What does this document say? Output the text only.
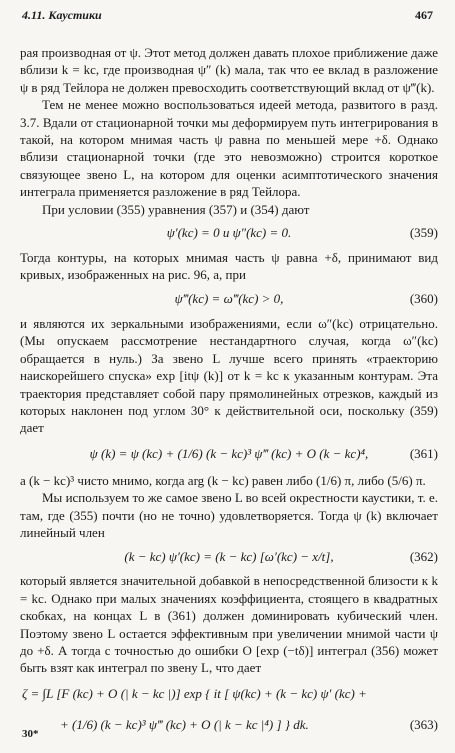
4.11. Каустики	467

рая производная от ψ. Этот метод должен давать плохое приближение даже вблизи k = kc, где производная ψ″ (k) мала, так что ее вклад в разложение ψ в ряд Тейлора не должен превосходить соответствующий вклад от ψ‴(k).

Тем не менее можно воспользоваться идеей метода, развитого в разд. 3.7. Вдали от стационарной точки мы деформируем путь интегрирования в такой, на котором мнимая часть ψ равна по меньшей мере +δ. Однако вблизи стационарной точки (где это невозможно) строится короткое связующее звено L, на котором для оценки асимптотического значения интеграла применяется разложение в ряд Тейлора.

При условии (355) уравнения (357) и (354) дают

ψ′(kc) = 0 и ψ″(kc) = 0.	(359)

Тогда контуры, на которых мнимая часть ψ равна +δ, принимают вид кривых, изображенных на рис. 96, а, при

ψ‴(kc) = ω‴(kc) > 0,	(360)

и являются их зеркальными изображениями, если ω″(kc) отрицательно. (Мы опускаем рассмотрение нестандартного случая, когда ω″(kc) обращается в нуль.) За звено L лучше всего принять «траекторию наискорейшего спуска» exp [itψ (k)] от k = kc к указанным контурам. Эта траектория представляет собой пару прямолинейных отрезков, каждый из которых наклонен под углом 30° к действительной оси, поскольку (359) дает

ψ (k) = ψ (kc) + (1/6) (k − kc)³ ψ‴ (kc) + O (k − kc)⁴,	(361)

а (k − kc)³ чисто мнимо, когда arg (k − kc) равен либо (1/6) π, либо (5/6) π.

Мы используем то же самое звено L во всей окрестности каустики, т. е. там, где (355) почти (но не точно) удовлетворяется. Тогда ψ (k) включает линейный член

(k − kc) ψ′(kc) = (k − kc) [ω′(kc) − x/t],	(362)

который является значительной добавкой в непосредственной близости к k = kc. Однако при малых значениях коэффициента, стоящего в квадратных скобках, на концах L в (361) должен доминировать кубический член. Поэтому звено L остается эффективным при увеличении мнимой части ψ до +δ. А тогда с точностью до ошибки O [exp (−tδ)] интеграл (356) может быть взят как интеграл по звену L, что дает

ζ = ∫L [F (kc) + O (| k − kc |)] exp { it [ ψ(kc) + (k − kc) ψ′ (kc) +
+ (1/6) (k − kc)³ ψ‴ (kc) + O (| k − kc |⁴) ] } dk.	(363)
30*
